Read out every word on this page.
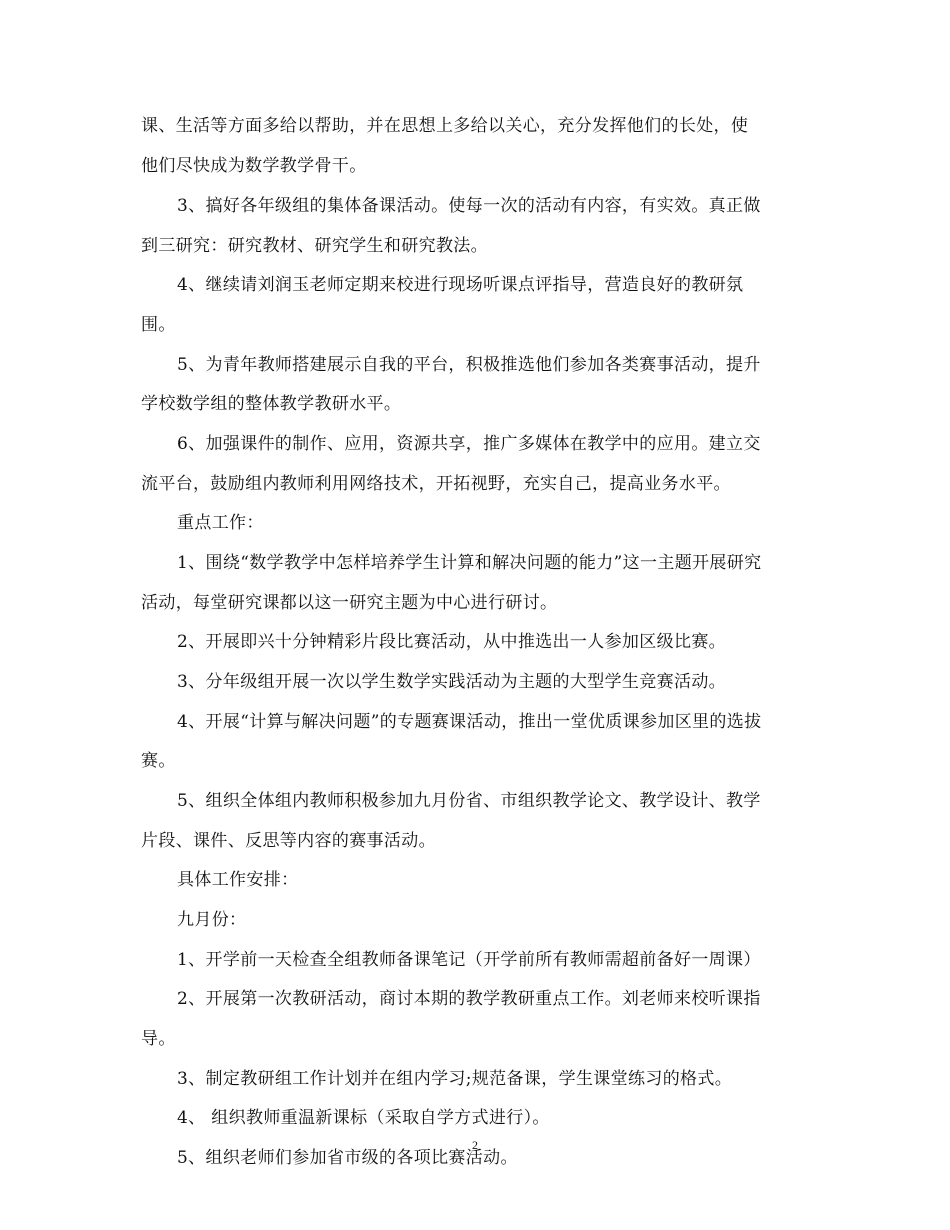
课、生活等方面多给以帮助，并在思想上多给以关心，充分发挥他们的长处，使
他们尽快成为数学教学骨干。
3、搞好各年级组的集体备课活动。使每一次的活动有内容，有实效。真正做
到三研究：研究教材、研究学生和研究教法。
4、继续请刘润玉老师定期来校进行现场听课点评指导，营造良好的教研氛
围。
5、为青年教师搭建展示自我的平台，积极推选他们参加各类赛事活动，提升
学校数学组的整体教学教研水平。
6、加强课件的制作、应用，资源共享，推广多媒体在教学中的应用。建立交
流平台，鼓励组内教师利用网络技术，开拓视野，充实自己，提高业务水平。
重点工作：
1、围绕“数学教学中怎样培养学生计算和解决问题的能力”这一主题开展研究
活动，每堂研究课都以这一研究主题为中心进行研讨。
2、开展即兴十分钟精彩片段比赛活动，从中推选出一人参加区级比赛。
3、分年级组开展一次以学生数学实践活动为主题的大型学生竞赛活动。
4、开展“计算与解决问题”的专题赛课活动，推出一堂优质课参加区里的选拔
赛。
5、组织全体组内教师积极参加九月份省、市组织教学论文、教学设计、教学
片段、课件、反思等内容的赛事活动。
具体工作安排：
九月份：
1、开学前一天检查全组教师备课笔记（开学前所有教师需超前备好一周课）
2、开展第一次教研活动，商讨本期的教学教研重点工作。刘老师来校听课指
导。
3、制定教研组工作计划并在组内学习;规范备课，学生课堂练习的格式。
4、 组织教师重温新课标（采取自学方式进行）。
5、组织老师们参加省市级的各项比赛活动。
2
